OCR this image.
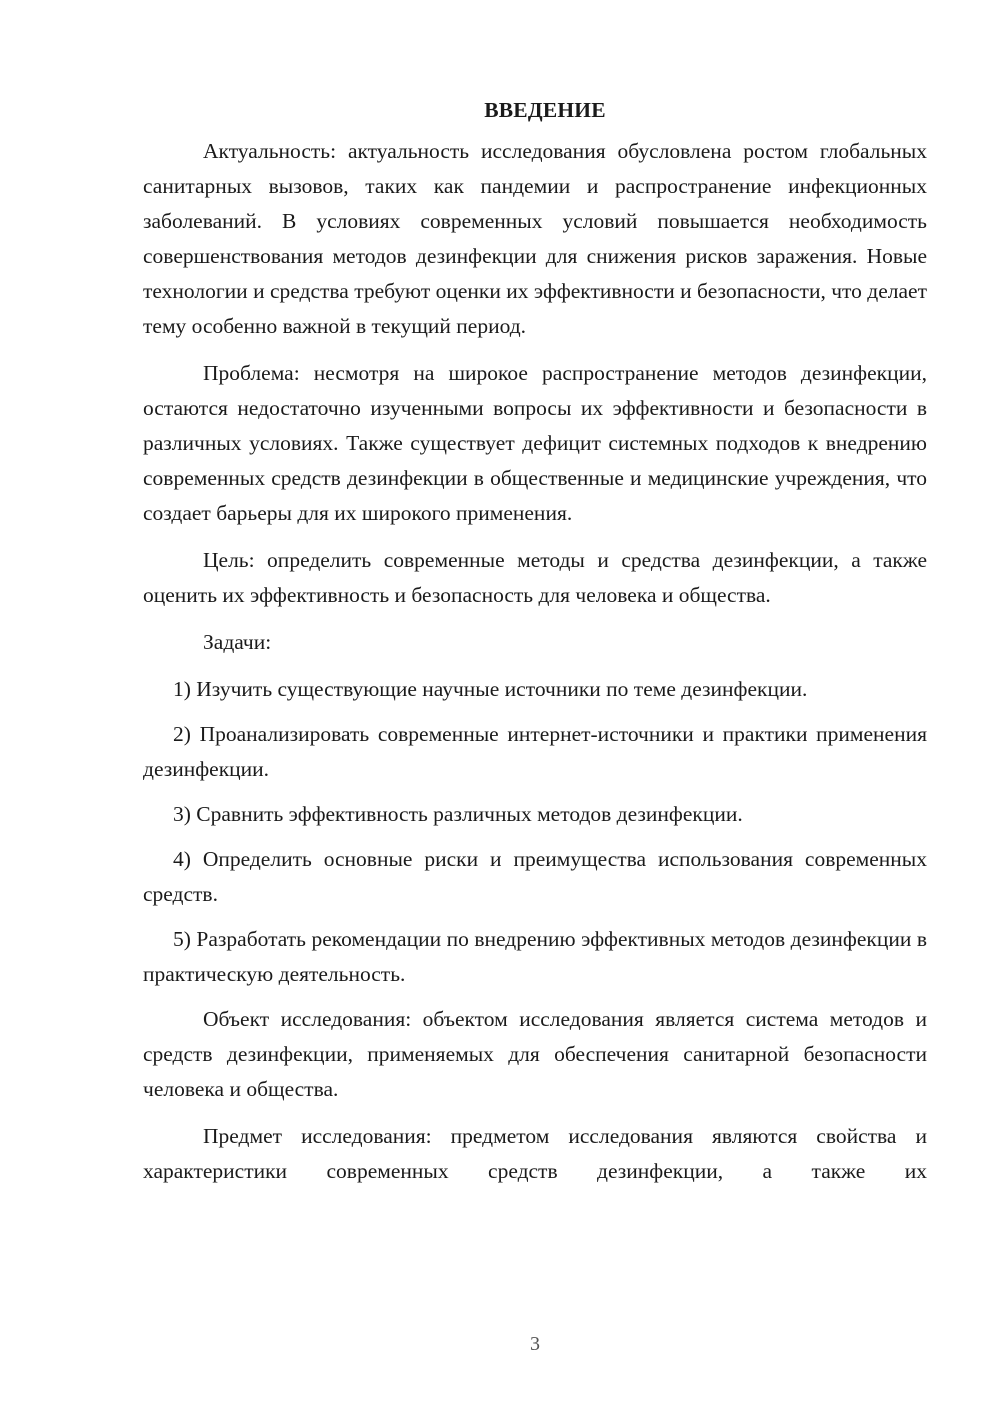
ВВЕДЕНИЕ

Актуальность: актуальность исследования обусловлена ростом глобальных санитарных вызовов, таких как пандемии и распространение инфекционных заболеваний. В условиях современных условий повышается необходимость совершенствования методов дезинфекции для снижения рисков заражения. Новые технологии и средства требуют оценки их эффективности и безопасности, что делает тему особенно важной в текущий период.

Проблема: несмотря на широкое распространение методов дезинфекции, остаются недостаточно изученными вопросы их эффективности и безопасности в различных условиях. Также существует дефицит системных подходов к внедрению современных средств дезинфекции в общественные и медицинские учреждения, что создает барьеры для их широкого применения.

Цель: определить современные методы и средства дезинфекции, а также оценить их эффективность и безопасность для человека и общества.

Задачи:

1) Изучить существующие научные источники по теме дезинфекции.

2) Проанализировать современные интернет-источники и практики применения дезинфекции.

3) Сравнить эффективность различных методов дезинфекции.

4) Определить основные риски и преимущества использования современных средств.

5) Разработать рекомендации по внедрению эффективных методов дезинфекции в практическую деятельность.

Объект исследования: объектом исследования является система методов и средств дезинфекции, применяемых для обеспечения санитарной безопасности человека и общества.

Предмет исследования: предметом исследования являются свойства и характеристики современных средств дезинфекции, а также их

3
